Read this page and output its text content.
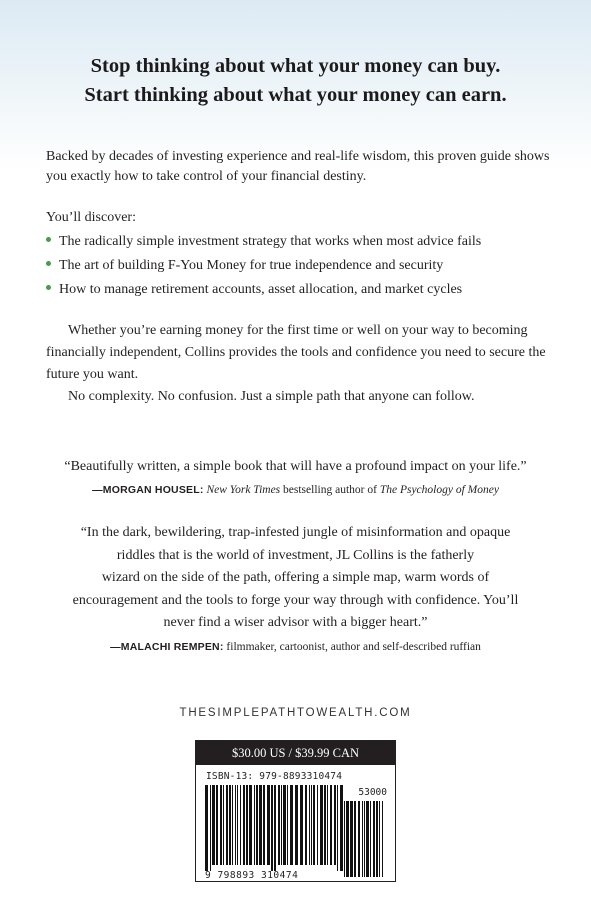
Stop thinking about what your money can buy.
Start thinking about what your money can earn.
Backed by decades of investing experience and real-life wisdom, this proven guide shows you exactly how to take control of your financial destiny.
You’ll discover:
The radically simple investment strategy that works when most advice fails
The art of building F-You Money for true independence and security
How to manage retirement accounts, asset allocation, and market cycles
Whether you’re earning money for the first time or well on your way to becoming financially independent, Collins provides the tools and confidence you need to secure the future you want.
No complexity. No confusion. Just a simple path that anyone can follow.
“Beautifully written, a simple book that will have a profound impact on your life.”
—MORGAN HOUSEL: New York Times bestselling author of The Psychology of Money
“In the dark, bewildering, trap-infested jungle of misinformation and opaque
riddles that is the world of investment, JL Collins is the fatherly
wizard on the side of the path, offering a simple map, warm words of
encouragement and the tools to forge your way through with confidence. You’ll
never find a wiser advisor with a bigger heart.”
—MALACHI REMPEN: filmmaker, cartoonist, author and self-described ruffian
THESIMPLEPATHTOWEALTH.COM
$30.00 US / $39.99 CAN
ISBN-13: 979-8893310474
53000
9 798893 310474
